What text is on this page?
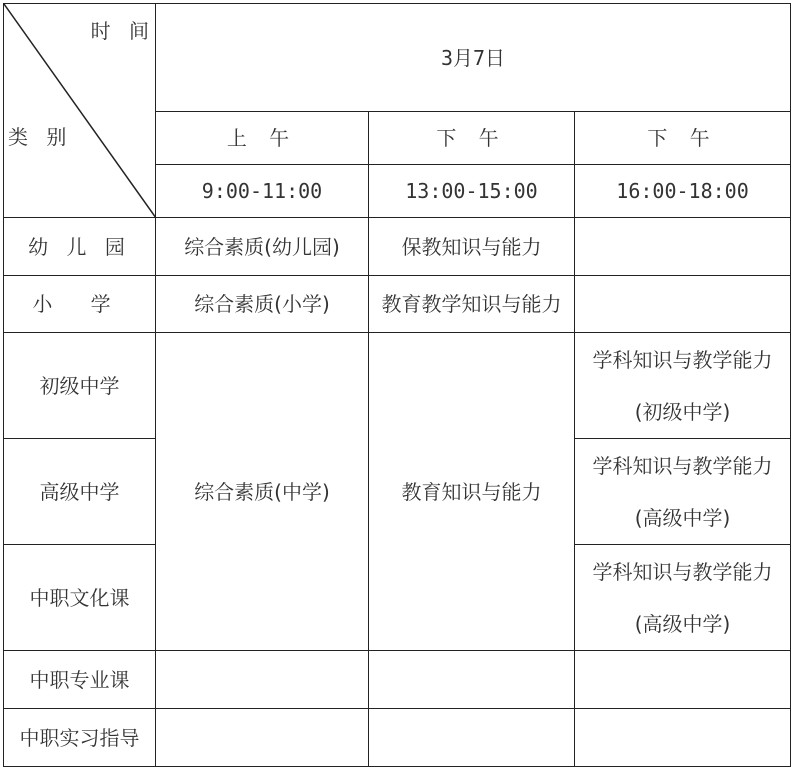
时 间
类 别	3月7日		
	上 午	下 午	下 午
	9:00-11:00	13:00-15:00	16:00-18:00
幼 儿 园	综合素质(幼儿园)	保教知识与能力	
小 学	综合素质(小学)	教育教学知识与能力	
初级中学	综合素质(中学)	教育知识与能力	学科知识与教学能力
(初级中学)

高级中学			学科知识与教学能力
(高级中学)

中职文化课			学科知识与教学能力
(高级中学)

中职专业课			
中职实习指导			
